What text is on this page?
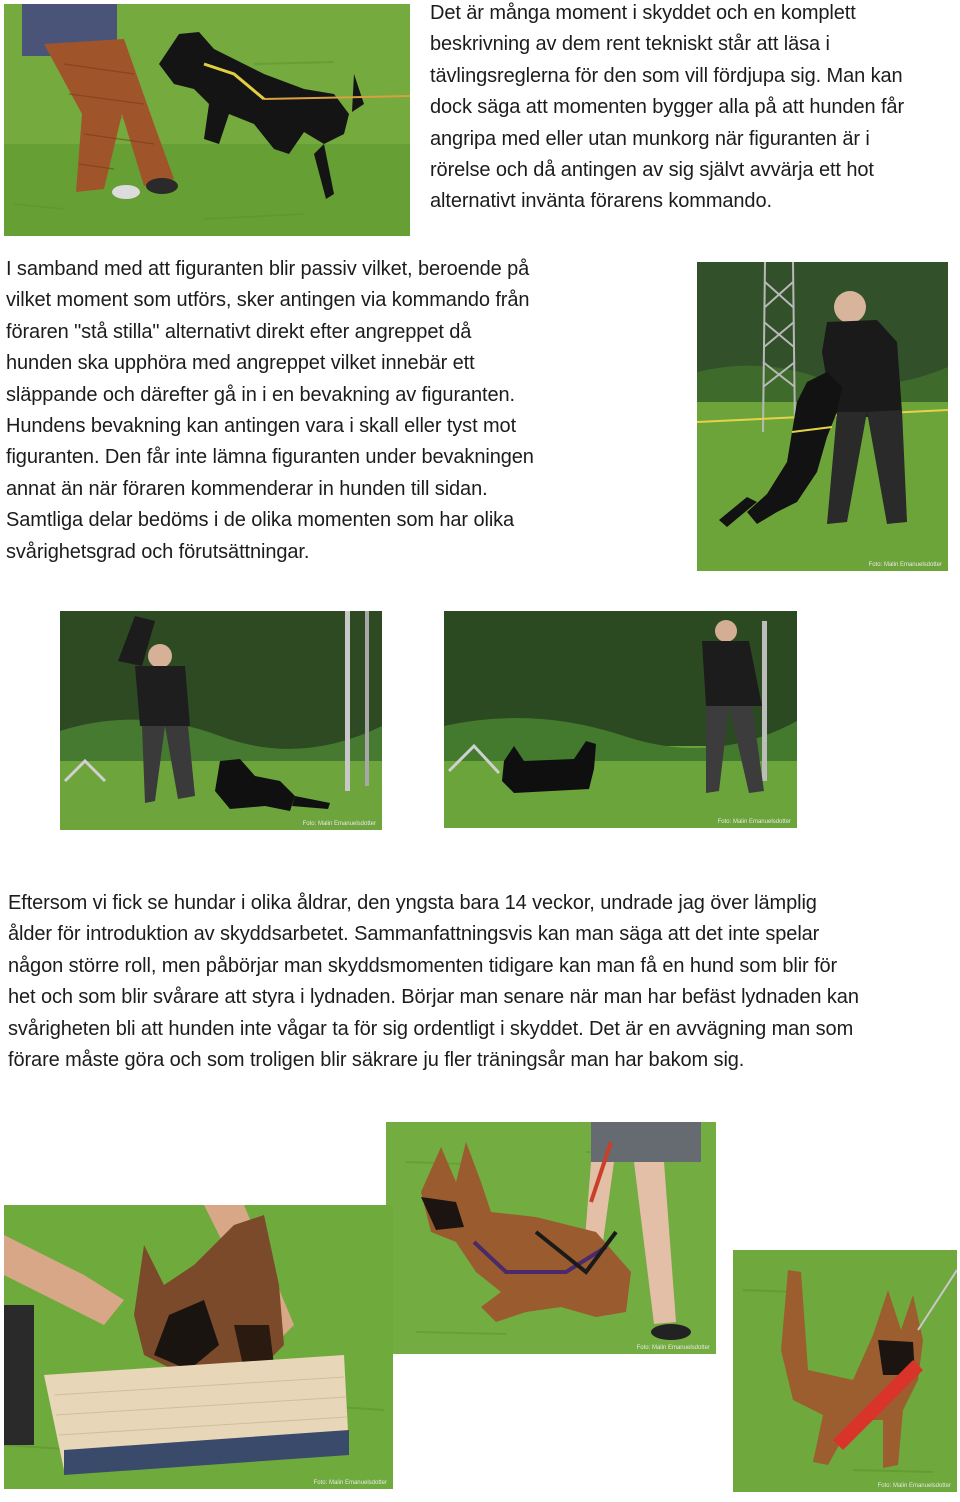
Det är många moment i skyddet och en komplett
beskrivning av dem rent tekniskt står att läsa i
tävlingsreglerna för den som vill fördjupa sig. Man kan
dock säga att momenten bygger alla på att hunden får
angripa med eller utan munkorg när figuranten är i
rörelse och då antingen av sig självt avvärja ett hot
alternativt invänta förarens kommando.

I samband med att figuranten blir passiv vilket, beroende på
vilket moment som utförs, sker antingen via kommando från
föraren "stå stilla" alternativt direkt efter angreppet då
hunden ska upphöra med angreppet vilket innebär ett
släppande och därefter gå in i en bevakning av figuranten.
Hundens bevakning kan antingen vara i skall eller tyst mot
figuranten. Den får inte lämna figuranten under bevakningen
annat än när föraren kommenderar in hunden till sidan.
Samtliga delar bedöms i de olika momenten som har olika
svårighetsgrad och förutsättningar.

Foto: Malin Emanuelsdotter
Foto: Malin Emanuelsdotter	Foto: Malin Emanuelsdotter

Eftersom vi fick se hundar i olika åldrar, den yngsta bara 14 veckor, undrade jag över lämplig
ålder för introduktion av skyddsarbetet. Sammanfattningsvis kan man säga att det inte spelar
någon större roll, men påbörjar man skyddsmomenten tidigare kan man få en hund som blir för
het och som blir svårare att styra i lydnaden. Börjar man senare när man har befäst lydnaden kan
svårigheten bli att hunden inte vågar ta för sig ordentligt i skyddet. Det är en avvägning man som
förare måste göra och som troligen blir säkrare ju fler träningsår man har bakom sig.

Foto: Malin Emanuelsdotter
Foto: Malin Emanuelsdotter	Foto: Malin Emanuelsdotter
